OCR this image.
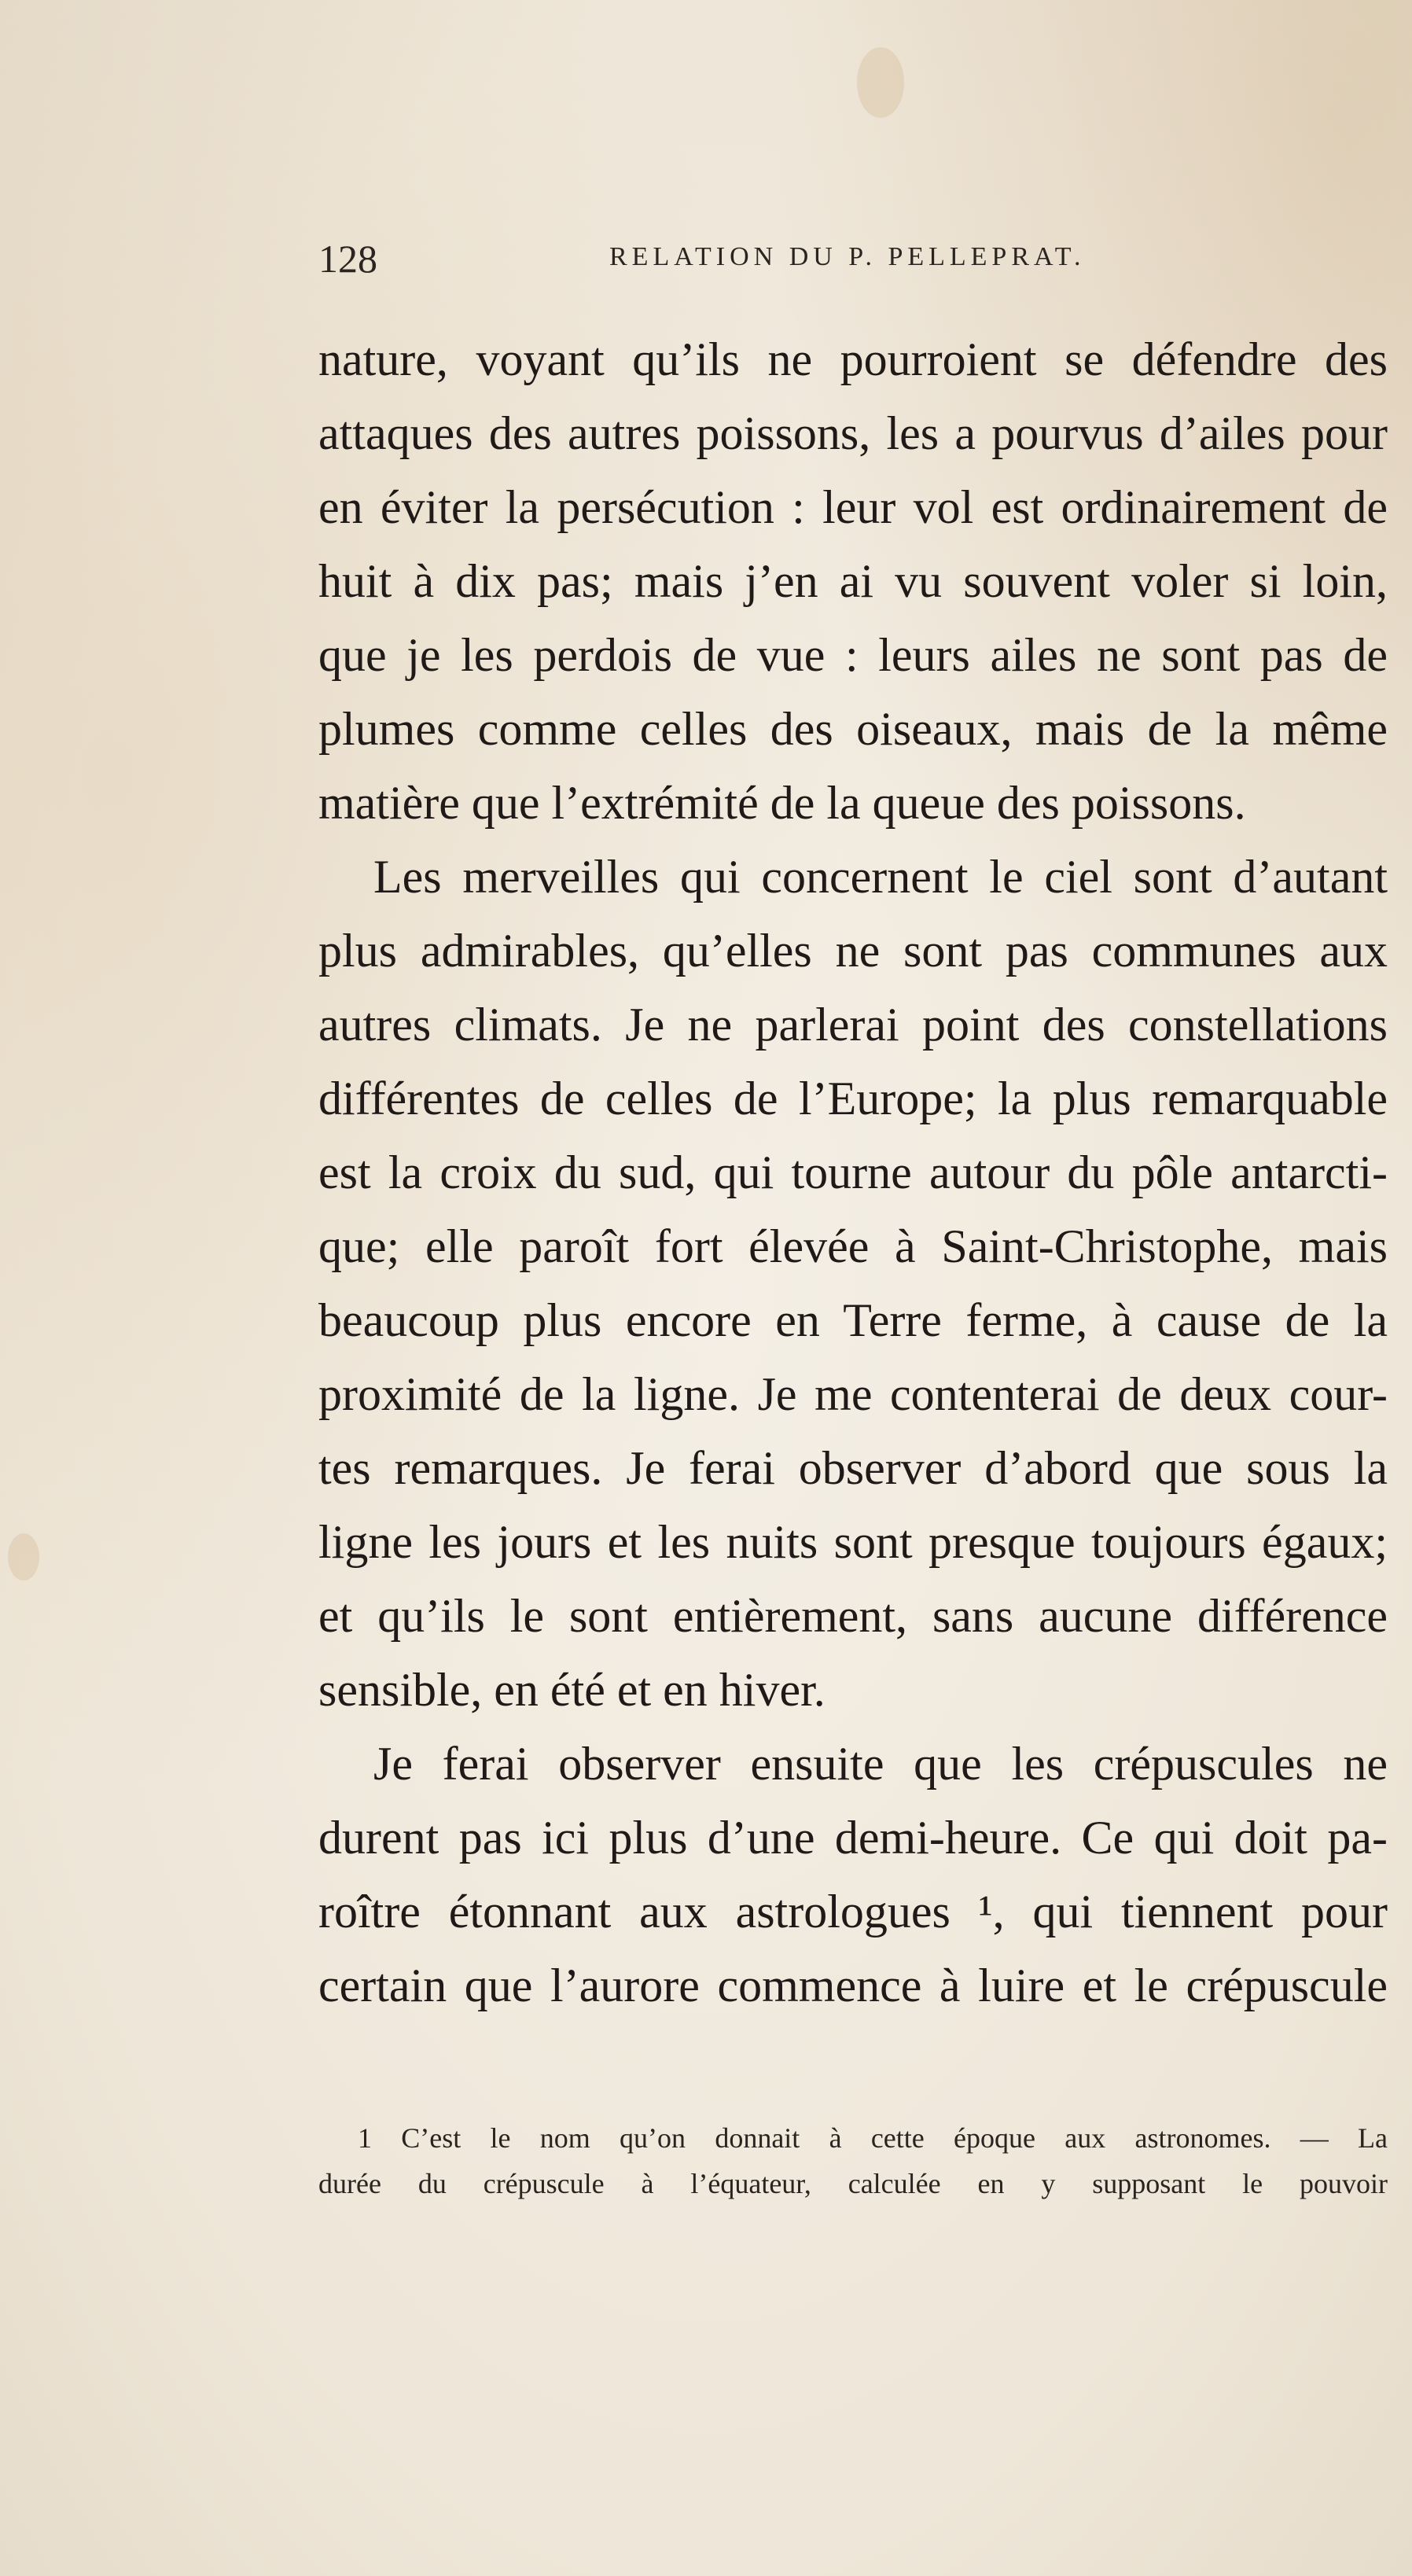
128	RELATION DU P. PELLEPRAT.
nature, voyant qu’ils ne pourroient se défendre des
attaques des autres poissons, les a pourvus d’ailes pour
en éviter la persécution : leur vol est ordinairement de
huit à dix pas; mais j’en ai vu souvent voler si loin,
que je les perdois de vue : leurs ailes ne sont pas de
plumes comme celles des oiseaux, mais de la même
matière que l’extrémité de la queue des poissons.
Les merveilles qui concernent le ciel sont d’autant
plus admirables, qu’elles ne sont pas communes aux
autres climats. Je ne parlerai point des constellations
différentes de celles de l’Europe; la plus remarquable
est la croix du sud, qui tourne autour du pôle antarcti-
que; elle paroît fort élevée à Saint-Christophe, mais
beaucoup plus encore en Terre ferme, à cause de la
proximité de la ligne. Je me contenterai de deux cour-
tes remarques. Je ferai observer d’abord que sous la
ligne les jours et les nuits sont presque toujours égaux;
et qu’ils le sont entièrement, sans aucune différence
sensible, en été et en hiver.
Je ferai observer ensuite que les crépuscules ne
durent pas ici plus d’une demi-heure. Ce qui doit pa-
roître étonnant aux astrologues ¹, qui tiennent pour
certain que l’aurore commence à luire et le crépuscule
1 C’est le nom qu’on donnait à cette époque aux astronomes. — La
durée du crépuscule à l’équateur, calculée en y supposant le pouvoir
